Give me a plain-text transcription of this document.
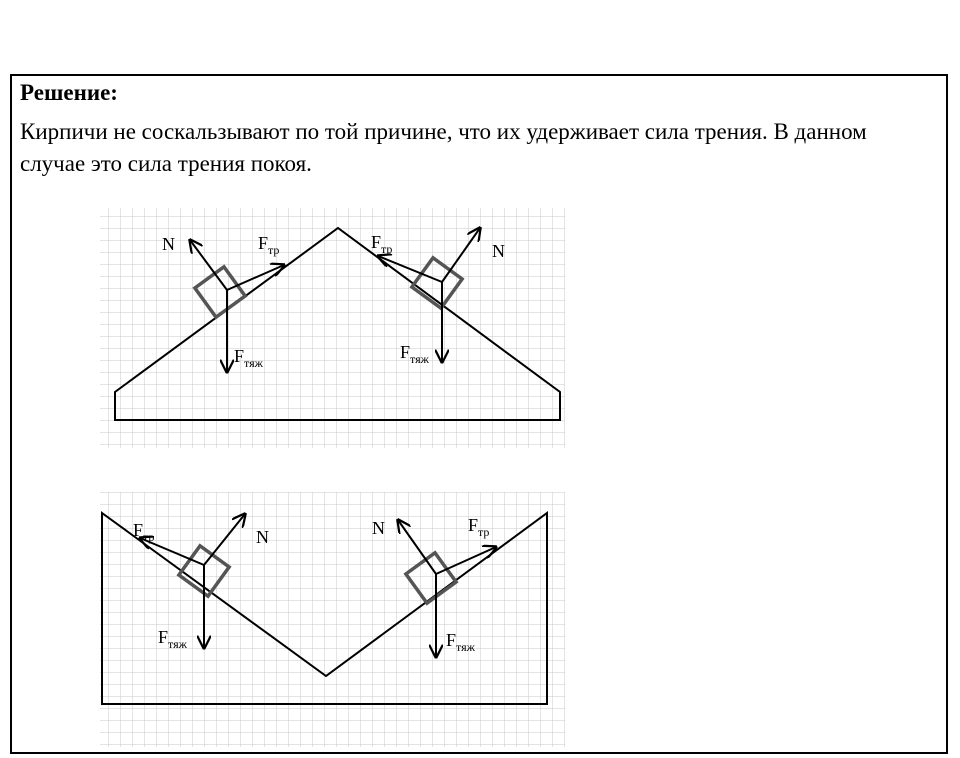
Решение:

Кирпичи не соскальзывают по той причине, что их удерживает сила трения. В данном случае это сила трения покоя.

N	$F_{тр}$
$F_{тяж}$
N
$F_{тр}$
$F_{тяж}$
N
$F_{тр}$
$F_{тяж}$
N	$F_{тр}$
$F_{тяж}$
